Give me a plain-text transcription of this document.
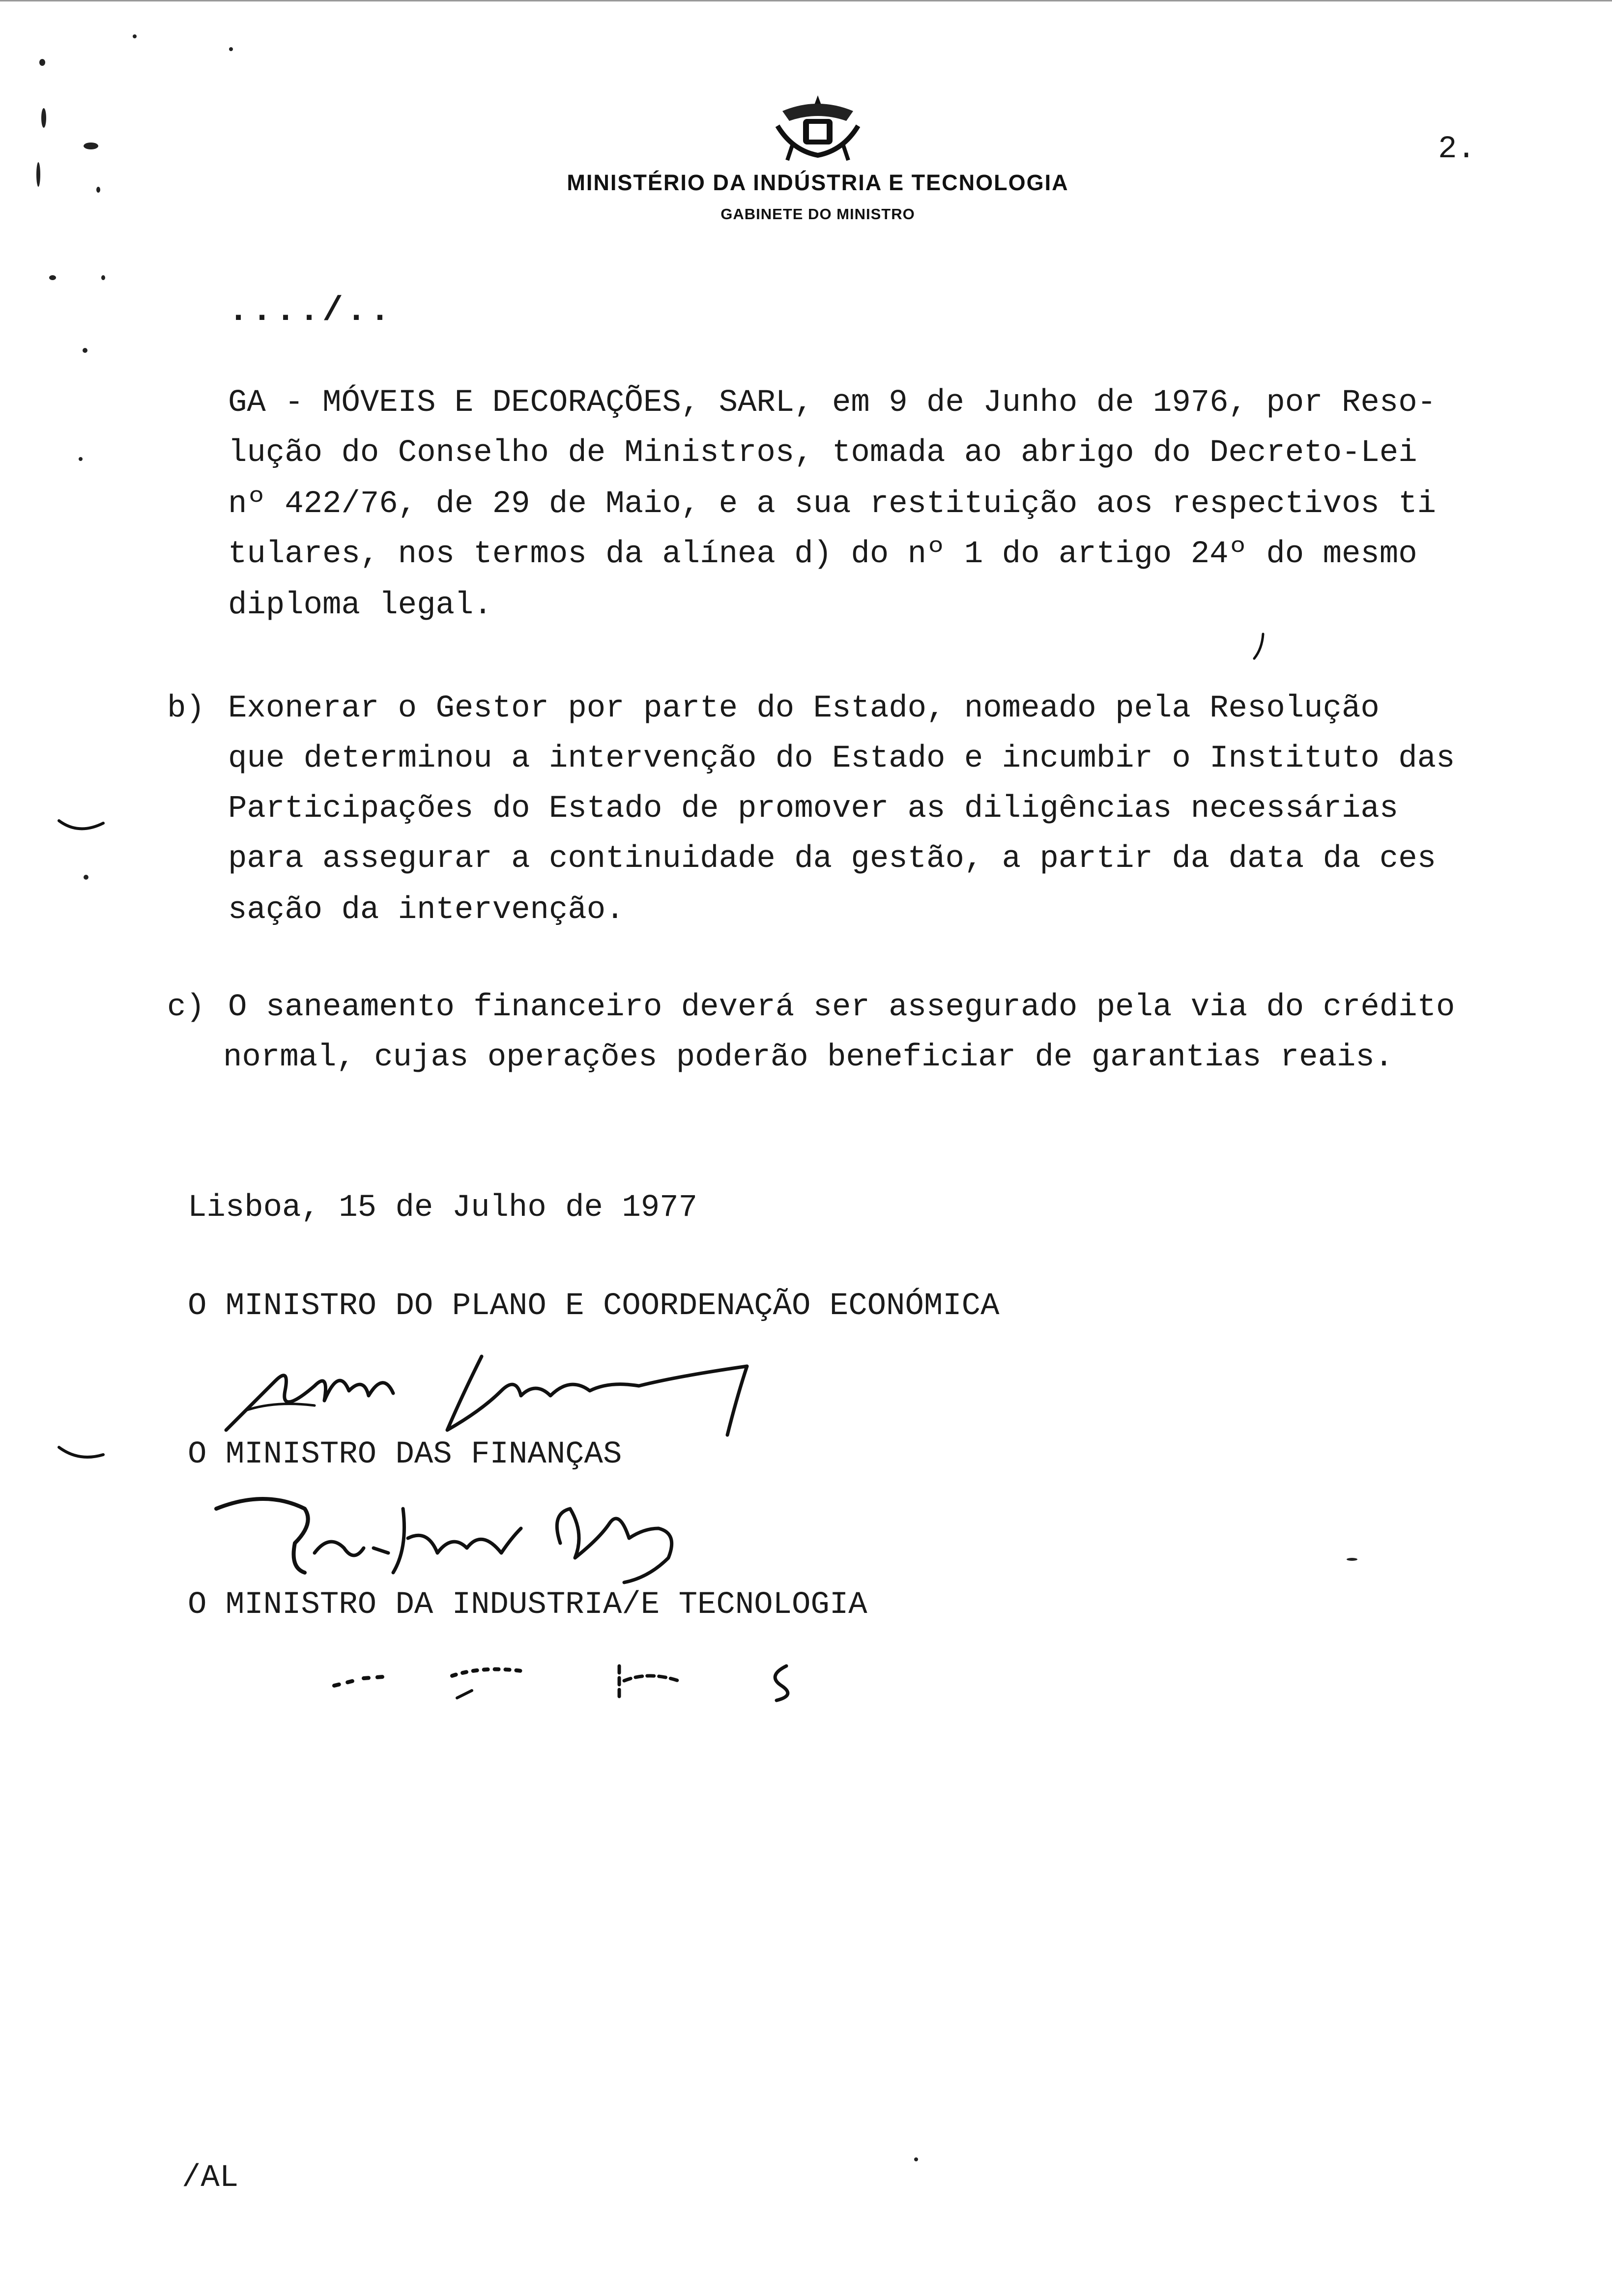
MINISTÉRIO DA INDÚSTRIA E TECNOLOGIA
GABINETE DO MINISTRO
2.
..../..
GA - MÓVEIS E DECORAÇÕES, SARL, em 9 de Junho de 1976, por Reso-
lução do Conselho de Ministros, tomada ao abrigo do Decreto-Lei
nº 422/76, de 29 de Maio, e a sua restituição aos respectivos ti
tulares, nos termos da alínea d) do nº 1 do artigo 24º do mesmo
diploma legal.
b) Exonerar o Gestor por parte do Estado, nomeado pela Resolução
que determinou a intervenção do Estado e incumbir o Instituto das
Participações do Estado de promover as diligências necessárias
para assegurar a continuidade da gestão, a partir da data da ces
sação da intervenção.
c) O saneamento financeiro deverá ser assegurado pela via do crédito
normal, cujas operações poderão beneficiar de garantias reais.
Lisboa, 15 de Julho de 1977
O MINISTRO DO PLANO E COORDENAÇÃO ECONÓMICA
O MINISTRO DAS FINANÇAS
O MINISTRO DA INDUSTRIA/E TECNOLOGIA
/AL
